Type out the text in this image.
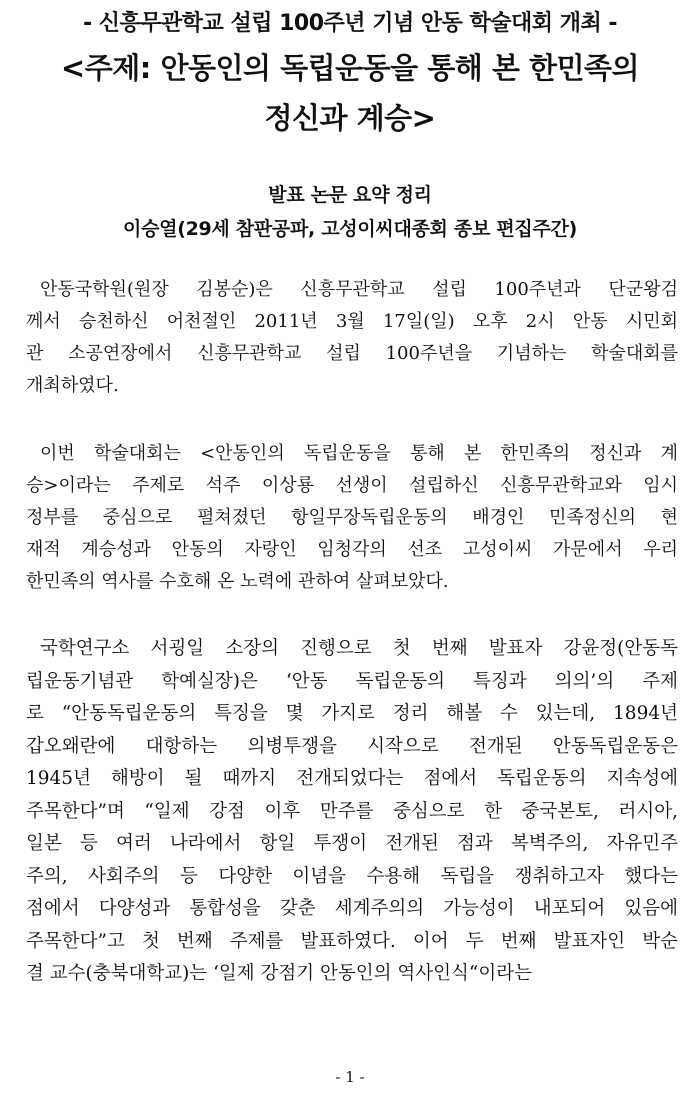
- 신흥무관학교 설립 100주년 기념 안동 학술대회 개최 -
<주제: 안동인의 독립운동을 통해 본 한민족의
정신과 계승>
발표 논문 요약 정리
이승열(29세 참판공파, 고성이씨대종회 종보 편집주간)
안동국학원(원장 김봉순)은 신흥무관학교 설립 100주년과 단군왕검
께서 승천하신 어천절인 2011년 3월 17일(일) 오후 2시 안동 시민회
관 소공연장에서 신흥무관학교 설립 100주년을 기념하는 학술대회를
개최하였다.
이번 학술대회는 <안동인의 독립운동을 통해 본 한민족의 정신과 계
승>이라는 주제로 석주 이상룡 선생이 설립하신 신흥무관학교와 임시
정부를 중심으로 펼쳐졌던 항일무장독립운동의 배경인 민족정신의 현
재적 계승성과 안동의 자랑인 임청각의 선조 고성이씨 가문에서 우리
한민족의 역사를 수호해 온 노력에 관하여 살펴보았다.
국학연구소 서굉일 소장의 진행으로 첫 번째 발표자 강윤정(안동독
립운동기념관 학예실장)은 ‘안동 독립운동의 특징과 의의’의 주제
로 “안동독립운동의 특징을 몇 가지로 정리 해볼 수 있는데, 1894년
갑오왜란에 대항하는 의병투쟁을 시작으로 전개된 안동독립운동은
1945년 해방이 될 때까지 전개되었다는 점에서 독립운동의 지속성에
주목한다”며 “일제 강점 이후 만주를 중심으로 한 중국본토, 러시아,
일본 등 여러 나라에서 항일 투쟁이 전개된 점과 복벽주의, 자유민주
주의, 사회주의 등 다양한 이념을 수용해 독립을 쟁취하고자 했다는
점에서 다양성과 통합성을 갖춘 세계주의의 가능성이 내포되어 있음에
주목한다”고 첫 번째 주제를 발표하였다. 이어 두 번째 발표자인 박순
결 교수(충북대학교)는 ‘일제 강점기 안동인의 역사인식“이라는
- 1 -
